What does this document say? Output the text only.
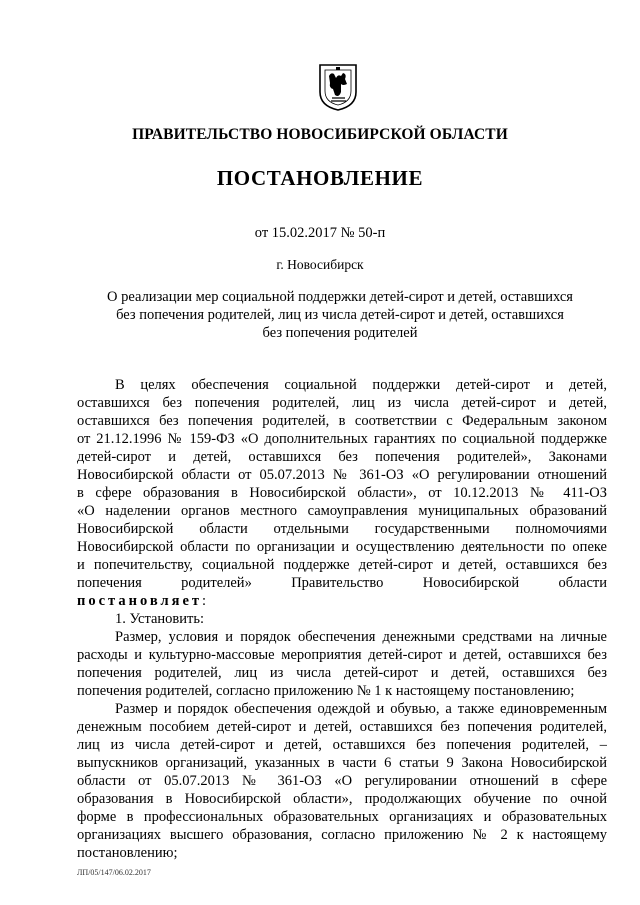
ПРАВИТЕЛЬСТВО НОВОСИБИРСКОЙ ОБЛАСТИ
ПОСТАНОВЛЕНИЕ
от 15.02.2017 № 50-п
г. Новосибирск
О реализации мер социальной поддержки детей-сирот и детей, оставшихся
без попечения родителей, лиц из числа детей-сирот и детей, оставшихся
без попечения родителей
В целях обеспечения социальной поддержки детей-сирот и детей,
оставшихся без попечения родителей, лиц из числа детей-сирот и детей,
оставшихся без попечения родителей, в соответствии с Федеральным законом
от 21.12.1996 № 159-ФЗ «О дополнительных гарантиях по социальной поддержке
детей-сирот и детей, оставшихся без попечения родителей», Законами
Новосибирской области от 05.07.2013 № 361-ОЗ «О регулировании отношений
в сфере образования в Новосибирской области», от 10.12.2013 № 411-ОЗ
«О наделении органов местного самоуправления муниципальных образований
Новосибирской области отдельными государственными полномочиями
Новосибирской области по организации и осуществлению деятельности по опеке
и попечительству, социальной поддержке детей-сирот и детей, оставшихся без
попечения родителей» Правительство Новосибирской области
постановляет:
1. Установить:
Размер, условия и порядок обеспечения денежными средствами на личные
расходы и культурно-массовые мероприятия детей-сирот и детей, оставшихся без
попечения родителей, лиц из числа детей-сирот и детей, оставшихся без
попечения родителей, согласно приложению № 1 к настоящему постановлению;
Размер и порядок обеспечения одеждой и обувью, а также единовременным
денежным пособием детей-сирот и детей, оставшихся без попечения родителей,
лиц из числа детей-сирот и детей, оставшихся без попечения родителей, –
выпускников организаций, указанных в части 6 статьи 9 Закона Новосибирской
области от 05.07.2013 № 361-ОЗ «О регулировании отношений в сфере
образования в Новосибирской области», продолжающих обучение по очной
форме в профессиональных образовательных организациях и образовательных
организациях высшего образования, согласно приложению № 2 к настоящему
постановлению;
ЛП/05/147/06.02.2017
